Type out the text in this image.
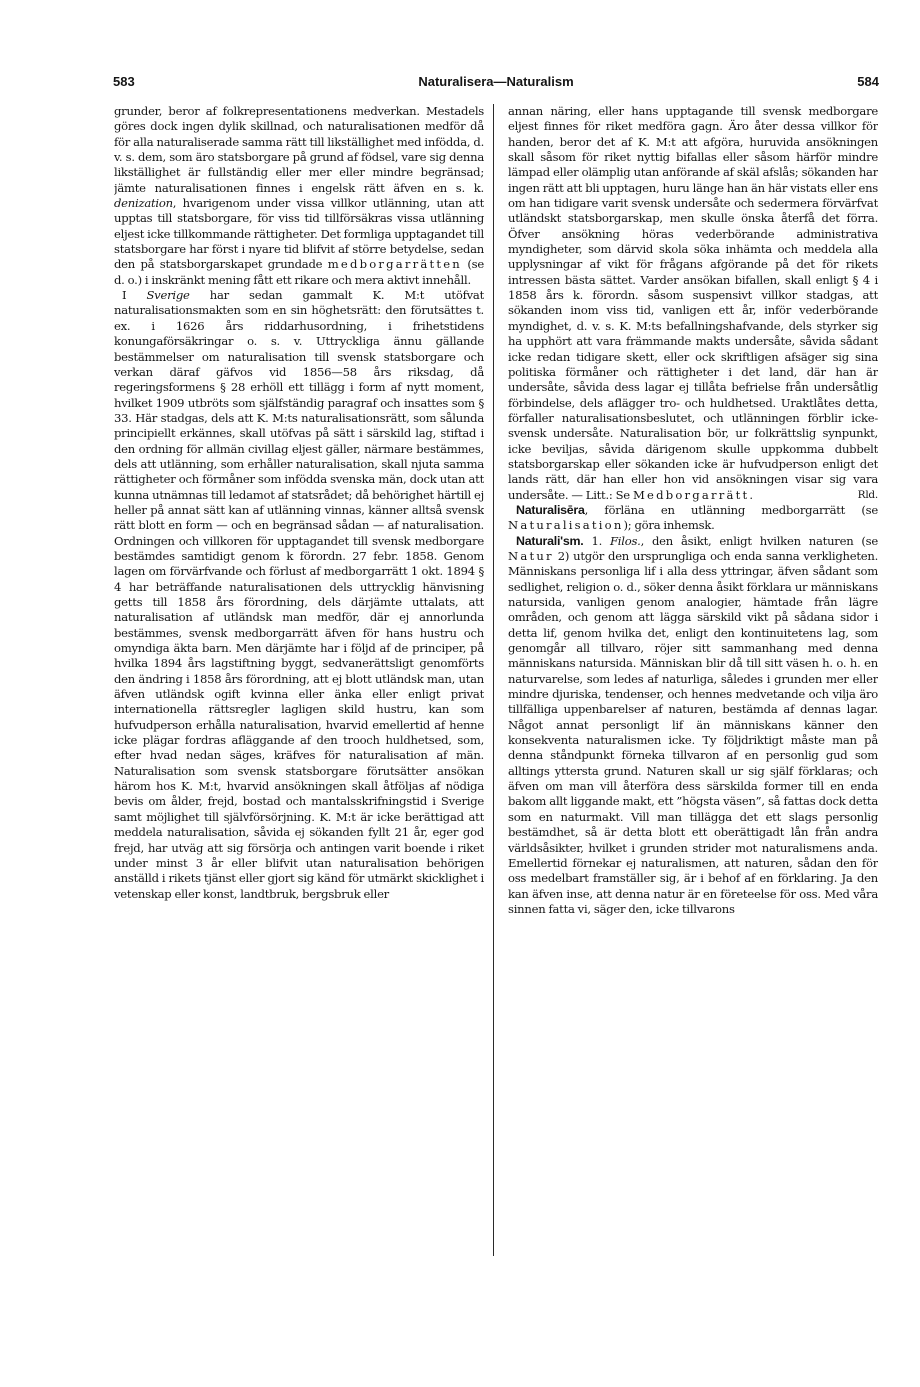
583	Naturalisera—Naturalism	584

grunder, beror af folkrepresentationens medverkan. Mestadels göres dock ingen dylik skillnad, och naturalisationen medför då för alla naturaliserade samma rätt till likställighet med infödda, d. v. s. dem, som äro statsborgare på grund af födsel, vare sig denna likställighet är fullständig eller mer eller mindre begränsad; jämte naturalisationen finnes i engelsk rätt äfven en s. k. denization, hvarigenom under vissa villkor utlänning, utan att upptas till statsborgare, för viss tid tillförsäkras vissa utlänning eljest icke tillkommande rättigheter. Det formliga upptagandet till statsborgare har först i nyare tid blifvit af större betydelse, sedan den på statsborgarskapet grundade medborgarrätten (se d. o.) i inskränkt mening fått ett rikare och mera aktivt innehåll.

I Sverige har sedan gammalt K. M:t utöfvat naturalisationsmakten som en sin höghetsrätt: den förutsättes t. ex. i 1626 års riddarhusordning, i frihetstidens konungaförsäkringar o. s. v. Uttryckliga ännu gällande bestämmelser om naturalisation till svensk statsborgare och verkan däraf gäfvos vid 1856—58 års riksdag, då regeringsformens § 28 erhöll ett tillägg i form af nytt moment, hvilket 1909 utbröts som själfständig paragraf och insattes som § 33. Här stadgas, dels att K. M:ts naturalisationsrätt, som sålunda principiellt erkännes, skall utöfvas på sätt i särskild lag, stiftad i den ordning för allmän civillag eljest gäller, närmare bestämmes, dels att utlänning, som erhåller naturalisation, skall njuta samma rättigheter och förmåner som infödda svenska män, dock utan att kunna utnämnas till ledamot af statsrådet; då behörighet härtill ej heller på annat sätt kan af utlänning vinnas, känner alltså svensk rätt blott en form — och en begränsad sådan — af naturalisation. Ordningen och villkoren för upptagandet till svensk medborgare bestämdes samtidigt genom k förordn. 27 febr. 1858. Genom lagen om förvärfvande och förlust af medborgarrätt 1 okt. 1894 § 4 har beträffande naturalisationen dels uttrycklig hänvisning getts till 1858 års förordning, dels därjämte uttalats, att naturalisation af utländsk man medför, där ej annorlunda bestämmes, svensk medborgarrätt äfven för hans hustru och omyndiga äkta barn. Men därjämte har i följd af de principer, på hvilka 1894 års lagstiftning byggt, sedvanerättsligt genomförts den ändring i 1858 års förordning, att ej blott utländsk man, utan äfven utländsk ogift kvinna eller änka eller enligt privat internationella rättsregler lagligen skild hustru, kan som hufvudperson erhålla naturalisation, hvarvid emellertid af henne icke plägar fordras afläggande af den trooch huldhetsed, som, efter hvad nedan säges, kräfves för naturalisation af män. Naturalisation som svensk statsborgare förutsätter ansökan härom hos K. M:t, hvarvid ansökningen skall åtföljas af nödiga bevis om ålder, frejd, bostad och mantalsskrifningstid i Sverige samt möjlighet till självförsörjning. K. M:t är icke berättigad att meddela naturalisation, såvida ej sökanden fyllt 21 år, eger god frejd, har utväg att sig försörja och antingen varit boende i riket under minst 3 år eller blifvit utan naturalisation behörigen anställd i rikets tjänst eller gjort sig känd för utmärkt skicklighet i vetenskap eller konst, landtbruk, bergsbruk eller

annan näring, eller hans upptagande till svensk medborgare eljest finnes för riket medföra gagn. Äro åter dessa villkor för handen, beror det af K. M:t att afgöra, huruvida ansökningen skall såsom för riket nyttig bifallas eller såsom härför mindre lämpad eller olämplig utan anförande af skäl afslås; sökanden har ingen rätt att bli upptagen, huru länge han än här vistats eller ens om han tidigare varit svensk undersåte och sedermera förvärfvat utländskt statsborgarskap, men skulle önska återfå det förra. Öfver ansökning höras vederbörande administrativa myndigheter, som därvid skola söka inhämta och meddela alla upplysningar af vikt för frågans afgörande på det för rikets intressen bästa sättet. Varder ansökan bifallen, skall enligt § 4 i 1858 års k. förordn. såsom suspensivt villkor stadgas, att sökanden inom viss tid, vanligen ett år, inför vederbörande myndighet, d. v. s. K. M:ts befallningshafvande, dels styrker sig ha upphört att vara främmande makts undersåte, såvida sådant icke redan tidigare skett, eller ock skriftligen afsäger sig sina politiska förmåner och rättigheter i det land, där han är undersåte, såvida dess lagar ej tillåta befrielse från undersåtlig förbindelse, dels aflägger tro- och huldhetsed. Uraktlåtes detta, förfaller naturalisationsbeslutet, och utlänningen förblir icke-svensk undersåte. Naturalisation bör, ur folkrättslig synpunkt, icke beviljas, såvida därigenom skulle uppkomma dubbelt statsborgarskap eller sökanden icke är hufvudperson enligt det lands rätt, där han eller hon vid ansökningen visar sig vara undersåte. — Litt.: Se Medborgarrätt.	Rld.

Naturalisēra, förläna en utlänning medborgarrätt (se Naturalisation); göra inhemsk.

Naturali'sm. 1. Filos., den åsikt, enligt hvilken naturen (se Natur 2) utgör den ursprungliga och enda sanna verkligheten. Människans personliga lif i alla dess yttringar, äfven sådant som sedlighet, religion o. d., söker denna åsikt förklara ur människans natursida, vanligen genom analogier, hämtade från lägre områden, och genom att lägga särskild vikt på sådana sidor i detta lif, genom hvilka det, enligt den kontinuitetens lag, som genomgår all tillvaro, röjer sitt sammanhang med denna människans natursida. Människan blir då till sitt väsen h. o. h. en naturvarelse, som ledes af naturliga, således i grunden mer eller mindre djuriska, tendenser, och hennes medvetande och vilja äro tillfälliga uppenbarelser af naturen, bestämda af dennas lagar. Något annat personligt lif än människans känner den konsekventa naturalismen icke. Ty följdriktigt måste man på denna ståndpunkt förneka tillvaron af en personlig gud som alltings yttersta grund. Naturen skall ur sig själf förklaras; och äfven om man vill återföra dess särskilda former till en enda bakom allt liggande makt, ett ”högsta väsen”, så fattas dock detta som en naturmakt. Vill man tillägga det ett slags personlig bestämdhet, så är detta blott ett oberättigadt lån från andra världsåsikter, hvilket i grunden strider mot naturalismens anda. Emellertid förnekar ej naturalismen, att naturen, sådan den för oss medelbart framställer sig, är i behof af en förklaring. Ja den kan äfven inse, att denna natur är en företeelse för oss. Med våra sinnen fatta vi, säger den, icke tillvarons
